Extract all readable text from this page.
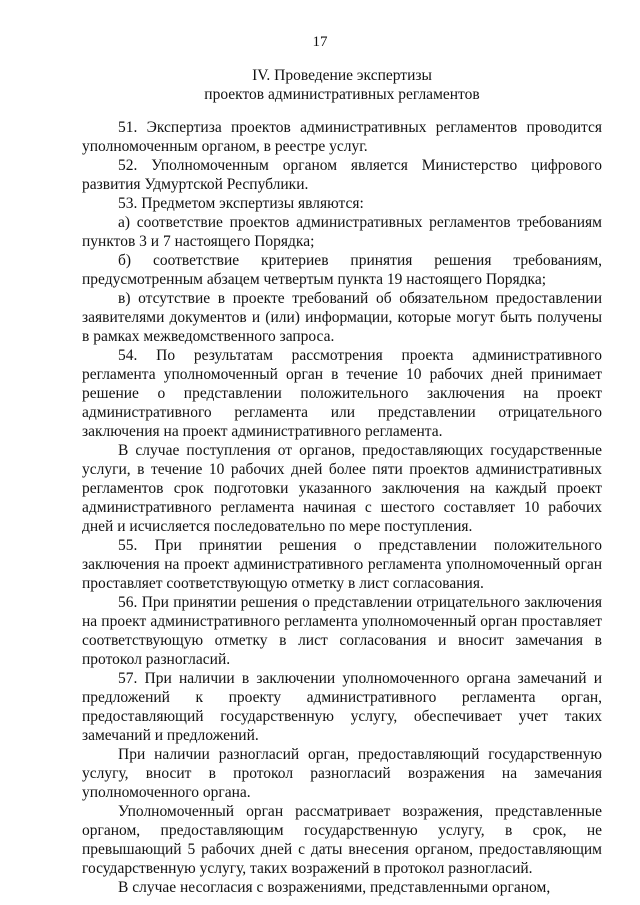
17
IV. Проведение экспертизы
проектов административных регламентов

51. Экспертиза проектов административных регламентов проводится уполномоченным органом, в реестре услуг.

52. Уполномоченным органом является Министерство цифрового развития Удмуртской Республики.

53. Предметом экспертизы являются:

а) соответствие проектов административных регламентов требованиям пунктов 3 и 7 настоящего Порядка;

б) соответствие критериев принятия решения требованиям, предусмотренным абзацем четвертым пункта 19 настоящего Порядка;

в) отсутствие в проекте требований об обязательном предоставлении заявителями документов и (или) информации, которые могут быть получены в рамках межведомственного запроса.

54. По результатам рассмотрения проекта административного регламента уполномоченный орган в течение 10 рабочих дней принимает решение о представлении положительного заключения на проект административного регламента или представлении отрицательного заключения на проект административного регламента.

В случае поступления от органов, предоставляющих государственные услуги, в течение 10 рабочих дней более пяти проектов административных регламентов срок подготовки указанного заключения на каждый проект административного регламента начиная с шестого составляет 10 рабочих дней и исчисляется последовательно по мере поступления.

55. При принятии решения о представлении положительного заключения на проект административного регламента уполномоченный орган проставляет соответствующую отметку в лист согласования.

56. При принятии решения о представлении отрицательного заключения на проект административного регламента уполномоченный орган проставляет соответствующую отметку в лист согласования и вносит замечания в протокол разногласий.

57. При наличии в заключении уполномоченного органа замечаний и предложений к проекту административного регламента орган, предоставляющий государственную услугу, обеспечивает учет таких замечаний и предложений.

При наличии разногласий орган, предоставляющий государственную услугу, вносит в протокол разногласий возражения на замечания уполномоченного органа.

Уполномоченный орган рассматривает возражения, представленные органом, предоставляющим государственную услугу, в срок, не превышающий 5 рабочих дней с даты внесения органом, предоставляющим государственную услугу, таких возражений в протокол разногласий.

В случае несогласия с возражениями, представленными органом,
